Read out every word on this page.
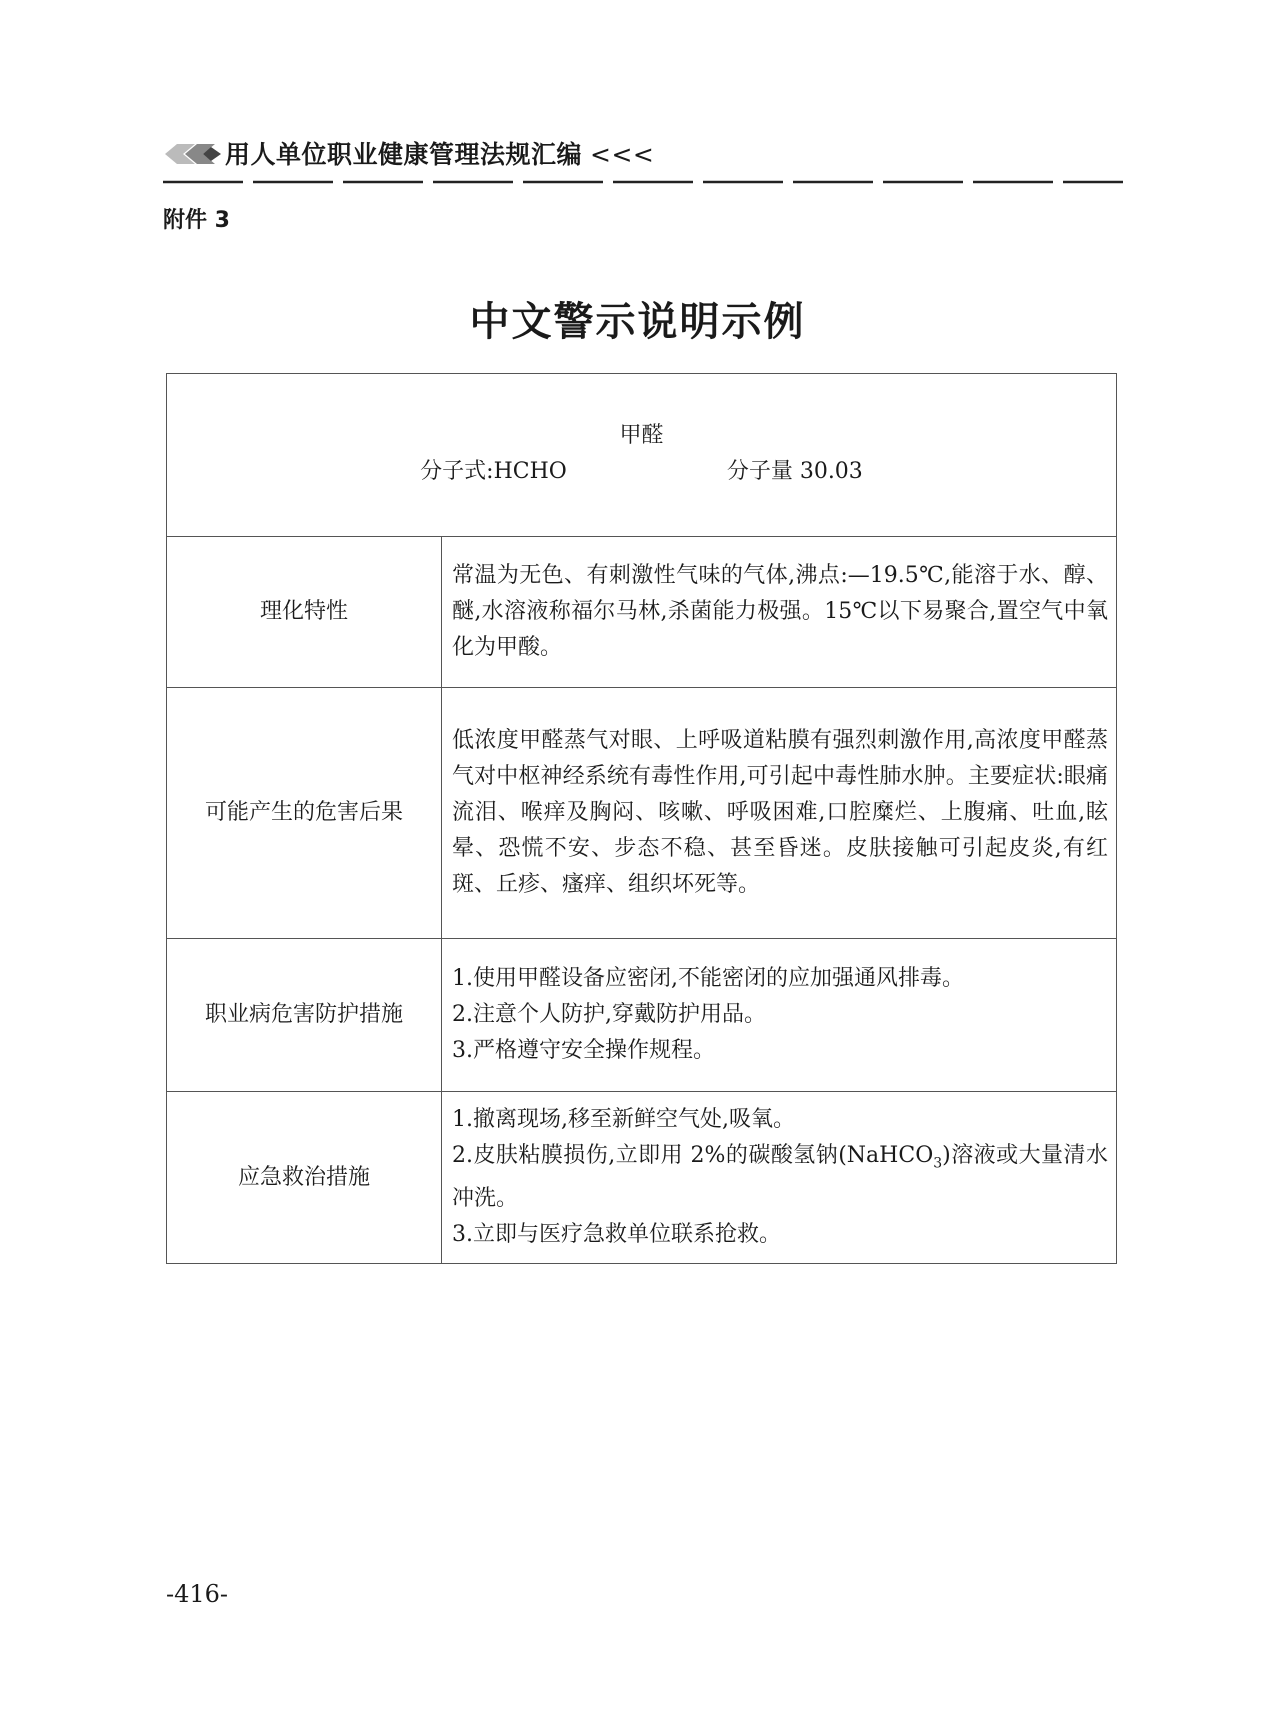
用人单位职业健康管理法规汇编 <<<
附件 3
中文警示说明示例
甲醛
分子式:HCHO 分子量 30.03	

理化特性	常温为无色、有刺激性气味的气体,沸点:—19.5℃,能溶于水、醇、醚,水溶液称福尔马林,杀菌能力极强。15℃以下易聚合,置空气中氧化为甲酸。

可能产生的危害后果	低浓度甲醛蒸气对眼、上呼吸道粘膜有强烈刺激作用,高浓度甲醛蒸气对中枢神经系统有毒性作用,可引起中毒性肺水肿。主要症状:眼痛流泪、喉痒及胸闷、咳嗽、呼吸困难,口腔糜烂、上腹痛、吐血,眩晕、恐慌不安、步态不稳、甚至昏迷。皮肤接触可引起皮炎,有红斑、丘疹、瘙痒、组织坏死等。

职业病危害防护措施	1.使用甲醛设备应密闭,不能密闭的应加强通风排毒。
2.注意个人防护,穿戴防护用品。
3.严格遵守安全操作规程。

应急救治措施	1.撤离现场,移至新鲜空气处,吸氧。
2.皮肤粘膜损伤,立即用 2%的碳酸氢钠(NaHCO$_3$)溶液或大量清水冲洗。
3.立即与医疗急救单位联系抢救。
-416-
